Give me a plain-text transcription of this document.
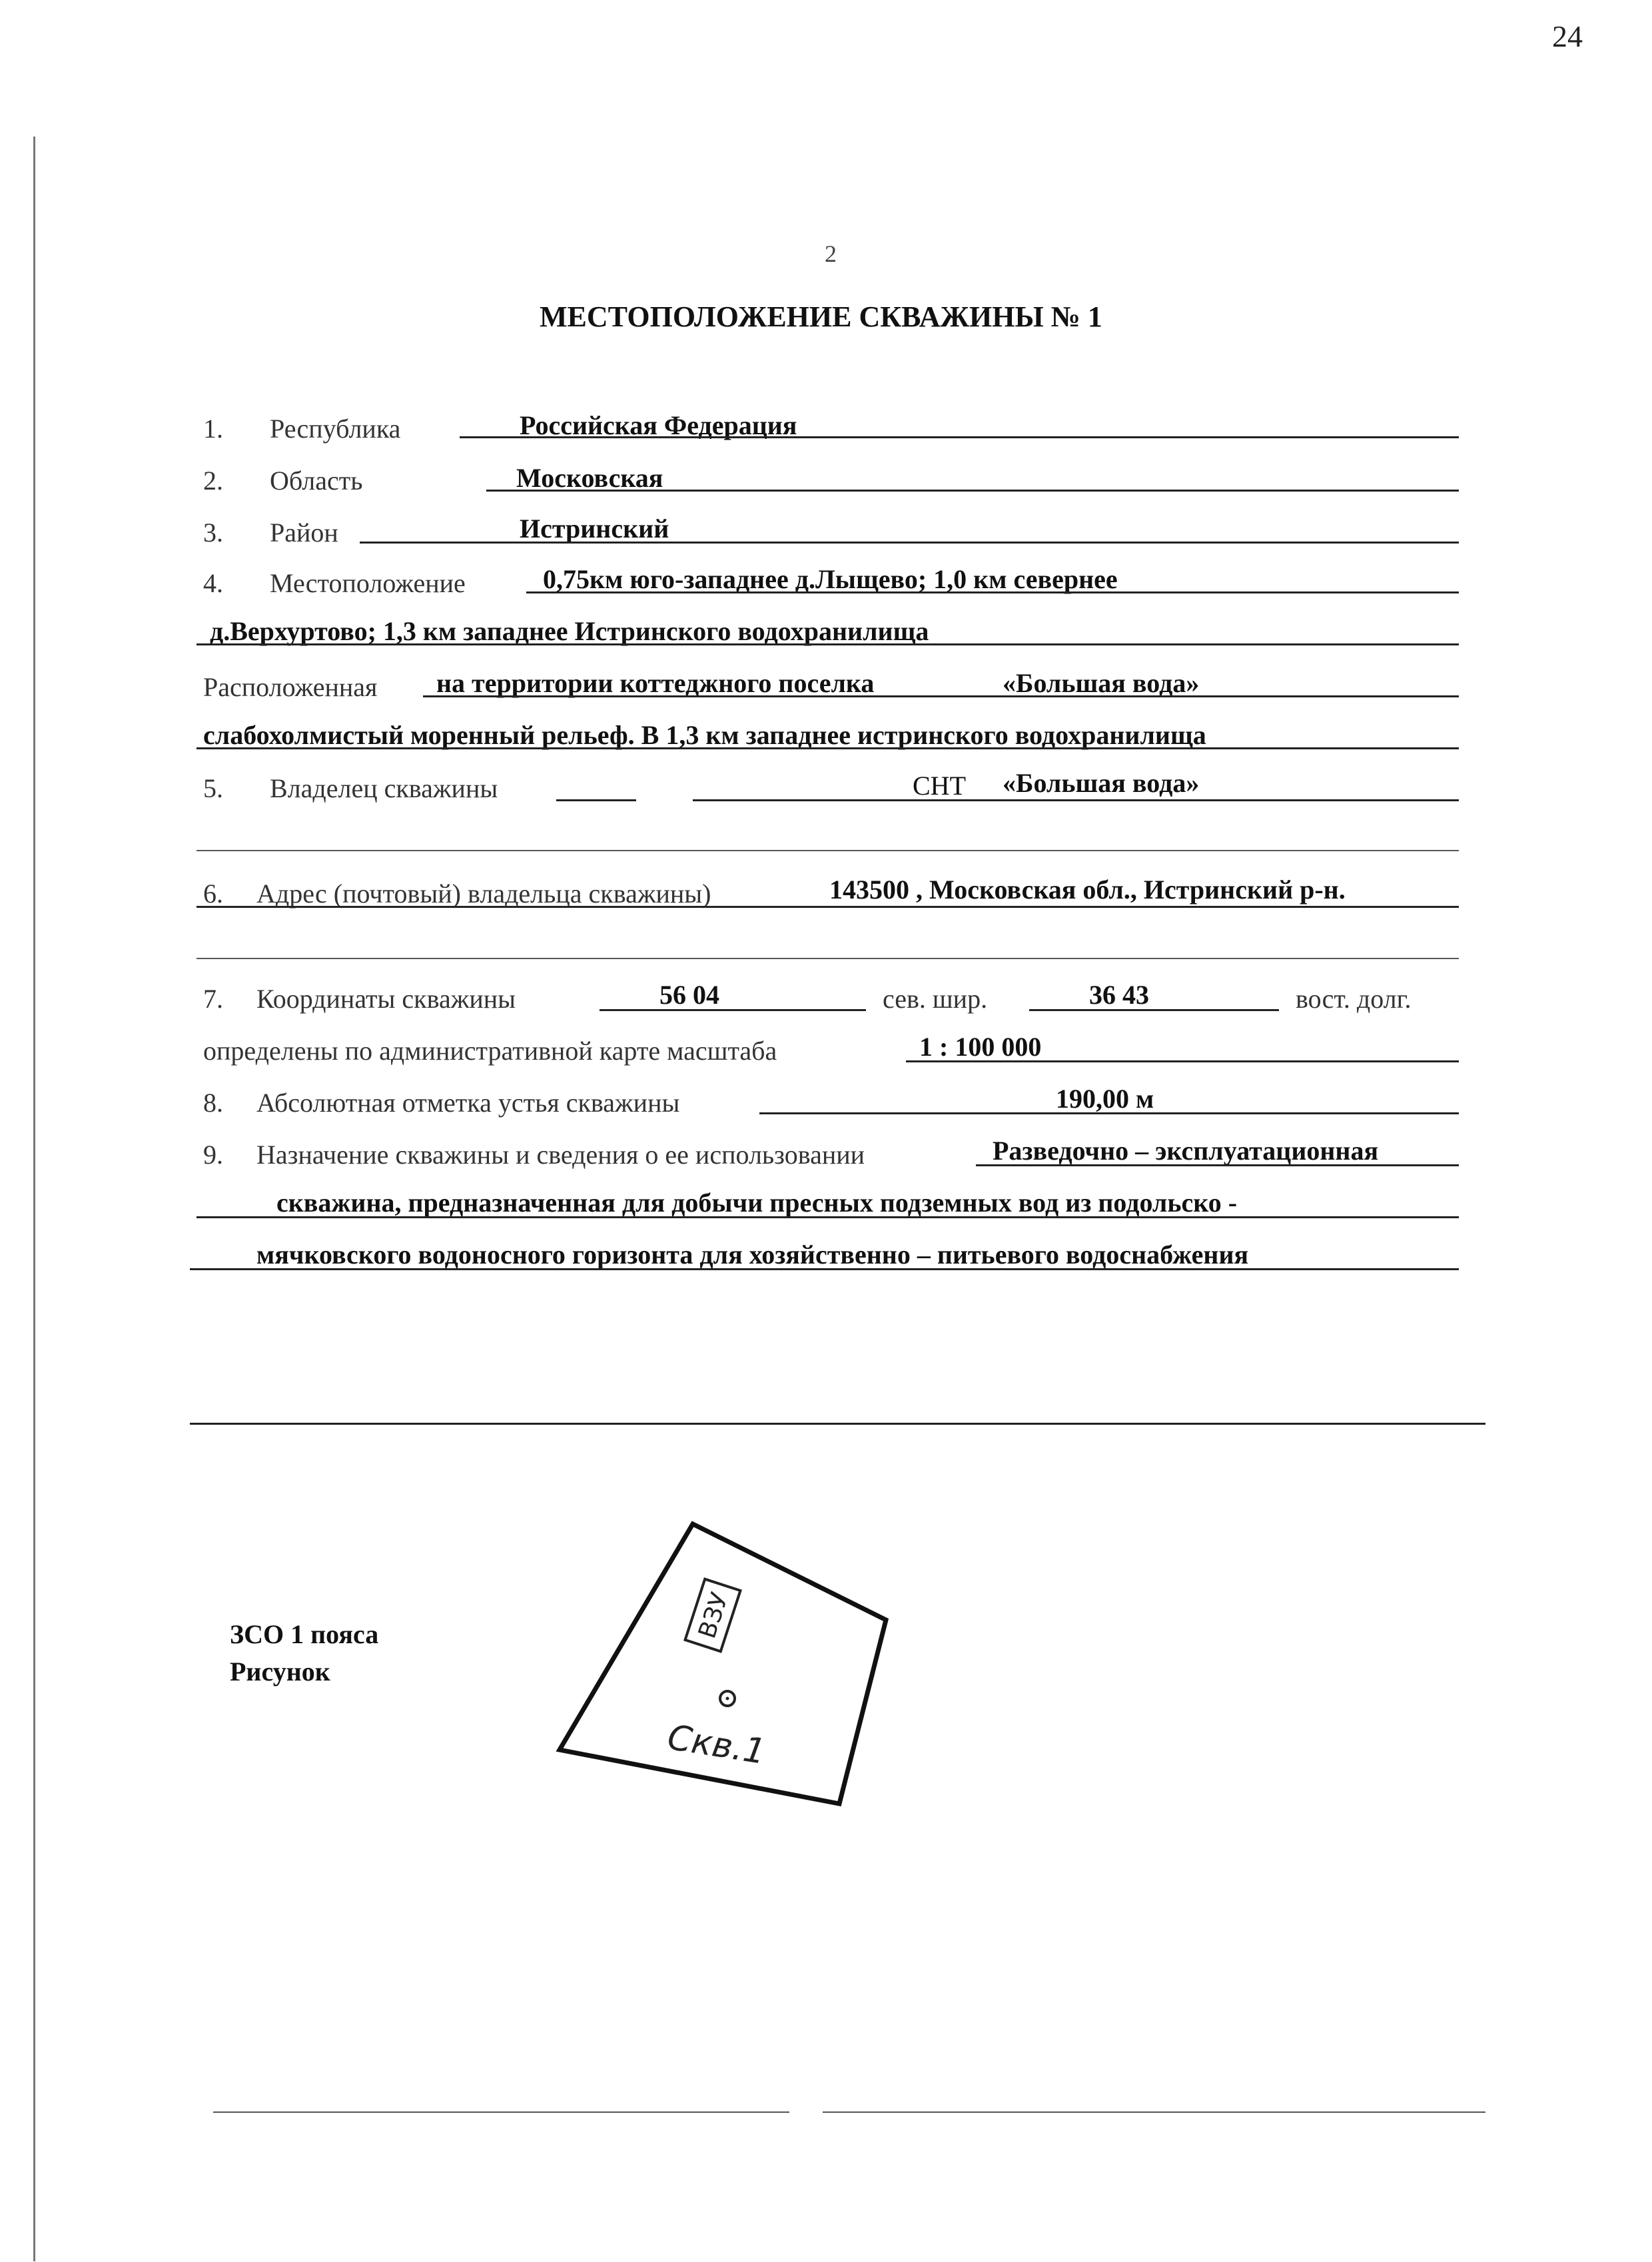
24
2
МЕСТОПОЛОЖЕНИЕ СКВАЖИНЫ № 1
1. Республика	Российская Федерация
2. Область	Московская
3. Район	Истринский
4. Местоположение	0,75км юго-западнее д.Лыщево; 1,0 км севернее
д.Верхуртово; 1,3 км западнее Истринского водохранилища
Расположенная на территории коттеджного поселка	«Большая вода»
слабохолмистый моренный рельеф. В 1,3 км западнее истринского водохранилища
5. Владелец скважины	СНТ «Большая вода»
6. Адрес (почтовый) владельца скважины)	143500 , Московская обл., Истринский р-н.
7. Координаты скважины	56 04	сев. шир.	36 43	вост. долг.
определены по административной карте масштаба	1 : 100 000
8. Абсолютная отметка устья скважины	190,00 м
9. Назначение скважины и сведения о ее использовании	Разведочно – эксплуатационная
скважина, предназначенная для добычи пресных подземных вод из подольско -
мячковского водоносного горизонта для хозяйственно – питьевого водоснабжения
ЗСО 1 пояса
Рисунок
ВЗУ
Скв.1
